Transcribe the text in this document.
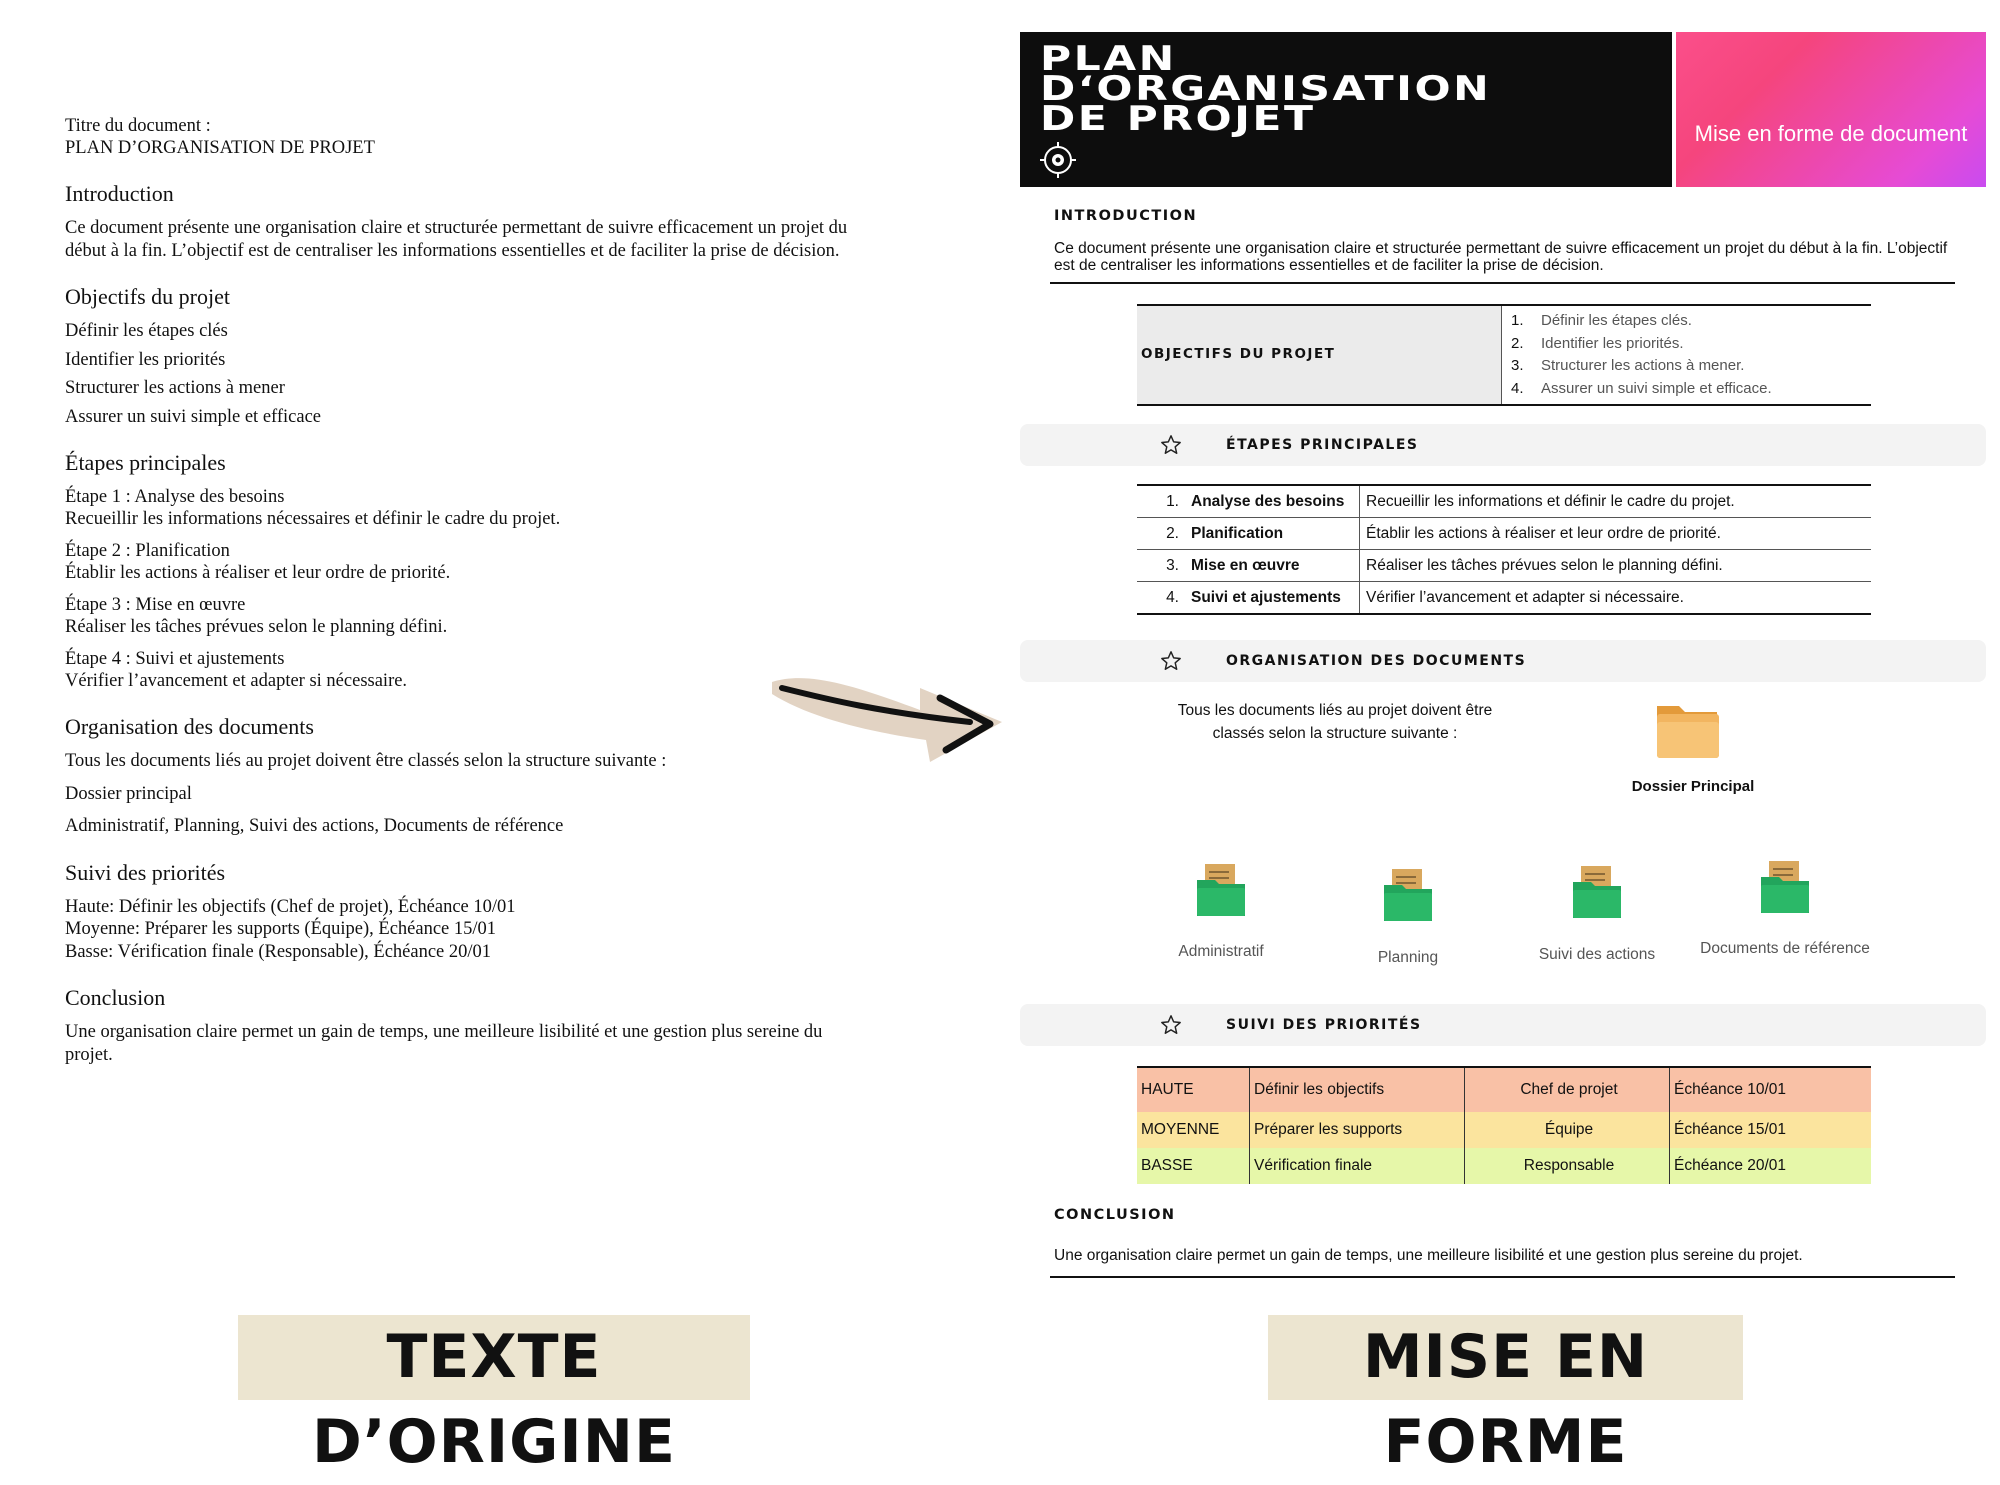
Titre du document :
PLAN D’ORGANISATION DE PROJET
Introduction

Ce document présente une organisation claire et structurée permettant de suivre efficacement un projet du début à la fin. L’objectif est de centraliser les informations essentielles et de faciliter la prise de décision.

Objectifs du projet
Définir les étapes clés
Identifier les priorités
Structurer les actions à mener
Assurer un suivi simple et efficace
Étapes principales
Étape 1 : Analyse des besoins
Recueillir les informations nécessaires et définir le cadre du projet.
Étape 2 : Planification
Établir les actions à réaliser et leur ordre de priorité.
Étape 3 : Mise en œuvre
Réaliser les tâches prévues selon le planning défini.
Étape 4 : Suivi et ajustements
Vérifier l’avancement et adapter si nécessaire.
Organisation des documents

Tous les documents liés au projet doivent être classés selon la structure suivante :

Dossier principal

Administratif, Planning, Suivi des actions, Documents de référence

Suivi des priorités
Haute: Définir les objectifs (Chef de projet), Échéance 10/01
Moyenne: Préparer les supports (Équipe), Échéance 15/01
Basse: Vérification finale (Responsable), Échéance 20/01
Conclusion

Une organisation claire permet un gain de temps, une meilleure lisibilité et une gestion plus sereine du projet.

PLAN
D‘ORGANISATION
DE PROJET	Mise en forme de document
INTRODUCTION
Ce document présente une organisation claire et structurée permettant de suivre efficacement un projet du début à la fin. L’objectif est de centraliser les informations essentielles et de faciliter la prise de décision.
OBJECTIFS DU PROJET
1. Définir les étapes clés.
2. Identifier les priorités.
3. Structurer les actions à mener.
4. Assurer un suivi simple et efficace.
ÉTAPES PRINCIPALES
1.	Analyse des besoins	Recueillir les informations et définir le cadre du projet.
2.	Planification	Établir les actions à réaliser et leur ordre de priorité.
3.	Mise en œuvre	Réaliser les tâches prévues selon le planning défini.
4.	Suivi et ajustements	Vérifier l’avancement et adapter si nécessaire.
ORGANISATION DES DOCUMENTS
Tous les documents liés au projet doivent être classés selon la structure suivante :
Dossier Principal
Administratif	Planning	Suivi des actions	Documents de référence
SUIVI DES PRIORITÉS
HAUTE	Définir les objectifs	Chef de projet	Échéance 10/01
MOYENNE	Préparer les supports	Équipe	Échéance 15/01
BASSE	Vérification finale	Responsable	Échéance 20/01
CONCLUSION
Une organisation claire permet un gain de temps, une meilleure lisibilité et une gestion plus sereine du projet.
TEXTE D’ORIGINE
MISE EN FORME
